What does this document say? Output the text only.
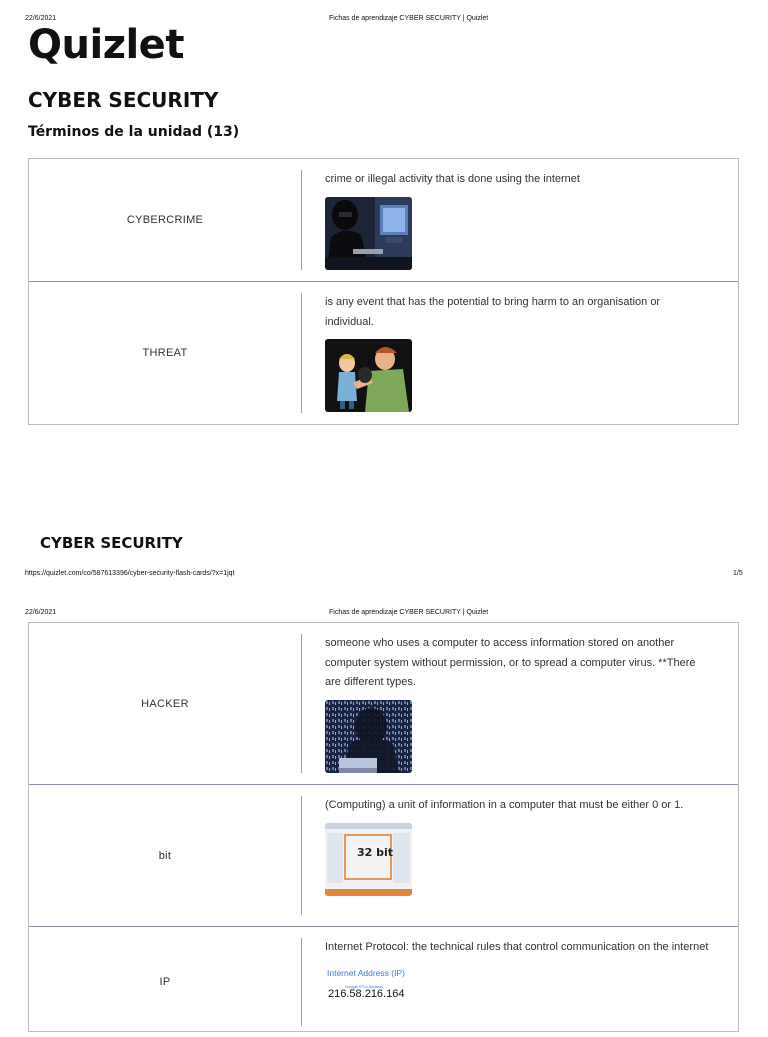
22/6/2021	Fichas de aprendizaje CYBER SECURITY | Quizlet
Quizlet
CYBER SECURITY
Términos de la unidad (13)
CYBERCRIME
crime or illegal activity that is done using the internet
THREAT
is any event that has the potential to bring harm to an organisation or individual.
CYBER SECURITY
https://quizlet.com/co/587613396/cyber-security-flash-cards/?x=1jqt	1/5
22/6/2021	Fichas de aprendizaje CYBER SECURITY | Quizlet
HACKER
someone who uses a computer to access information stored on another computer system without permission, or to spread a computer virus. **There are different types.
bit
(Computing) a unit of information in a computer that must be either 0 or 1.
32 bit
IP
Internet Protocol: the technical rules that control communication on the internet
Internet Address (IP)
Google IPV4 Address
216.58.216.164
